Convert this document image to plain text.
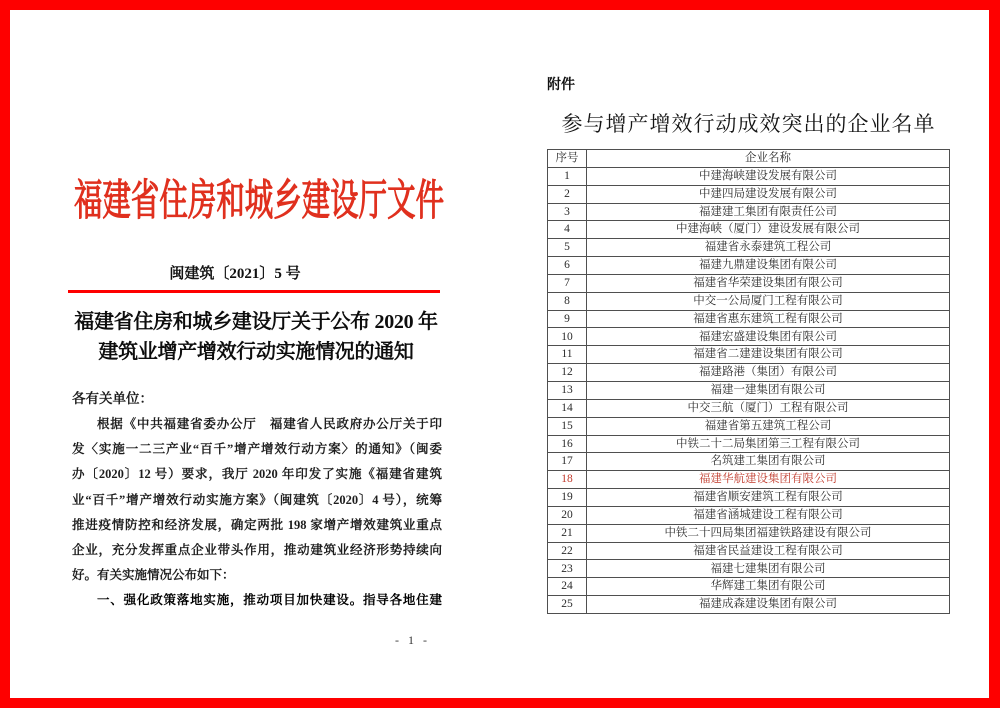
福建省住房和城乡建设厅文件
闽建筑〔2021〕5 号
福建省住房和城乡建设厅关于公布 2020 年
建筑业增产增效行动实施情况的通知
各有关单位：
根据《中共福建省委办公厅　福建省人民政府办公厅关于印
发〈实施一二三产业“百千”增产增效行动方案〉的通知》（闽委
办〔2020〕12 号）要求，我厅 2020 年印发了实施《福建省建筑
业“百千”增产增效行动实施方案》（闽建筑〔2020〕4 号），统筹
推进疫情防控和经济发展，确定两批 198 家增产增效建筑业重点
企业，充分发挥重点企业带头作用，推动建筑业经济形势持续向
好。有关实施情况公布如下：
一、强化政策落地实施，推动项目加快建设。指导各地住建
- 1 -
附件
参与增产增效行动成效突出的企业名单
序号	企业名称
1	中建海峡建设发展有限公司
2	中建四局建设发展有限公司
3	福建建工集团有限责任公司
4	中建海峡（厦门）建设发展有限公司
5	福建省永泰建筑工程公司
6	福建九鼎建设集团有限公司
7	福建省华荣建设集团有限公司
8	中交一公局厦门工程有限公司
9	福建省惠东建筑工程有限公司
10	福建宏盛建设集团有限公司
11	福建省二建建设集团有限公司
12	福建路港（集团）有限公司
13	福建一建集团有限公司
14	中交三航（厦门）工程有限公司
15	福建省第五建筑工程公司
16	中铁二十二局集团第三工程有限公司
17	名筑建工集团有限公司
18	福建华航建设集团有限公司
19	福建省顺安建筑工程有限公司
20	福建省涵城建设工程有限公司
21	中铁二十四局集团福建铁路建设有限公司
22	福建省民益建设工程有限公司
23	福建七建集团有限公司
24	华辉建工集团有限公司
25	福建成森建设集团有限公司
